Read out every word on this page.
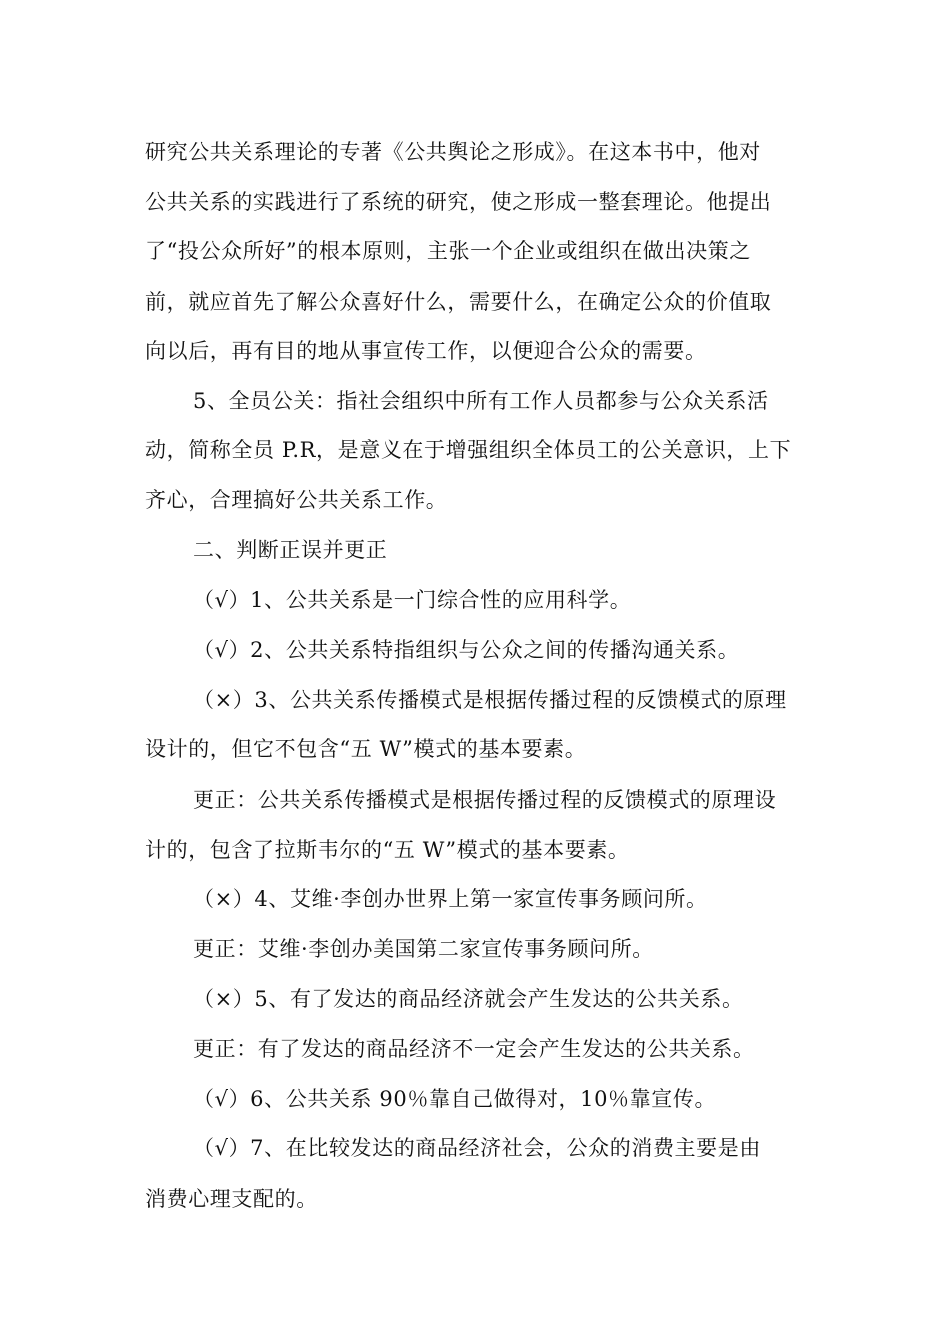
研究公共关系理论的专著《公共舆论之形成》。在这本书中，他对
公共关系的实践进行了系统的研究，使之形成一整套理论。他提出
了“投公众所好”的根本原则，主张一个企业或组织在做出决策之
前，就应首先了解公众喜好什么，需要什么，在确定公众的价值取
向以后，再有目的地从事宣传工作，以便迎合公众的需要。
5、全员公关：指社会组织中所有工作人员都参与公众关系活
动，简称全员 P.R，是意义在于增强组织全体员工的公关意识，上下
齐心，合理搞好公共关系工作。
二、判断正误并更正
（√）1、公共关系是一门综合性的应用科学。
（√）2、公共关系特指组织与公众之间的传播沟通关系。
（×）3、公共关系传播模式是根据传播过程的反馈模式的原理
设计的，但它不包含“五 W”模式的基本要素。
更正：公共关系传播模式是根据传播过程的反馈模式的原理设
计的，包含了拉斯韦尔的“五 W”模式的基本要素。
（×）4、艾维·李创办世界上第一家宣传事务顾问所。
更正：艾维·李创办美国第二家宣传事务顾问所。
（×）5、有了发达的商品经济就会产生发达的公共关系。
更正：有了发达的商品经济不一定会产生发达的公共关系。
（√）6、公共关系 90％靠自己做得对，10％靠宣传。
（√）7、在比较发达的商品经济社会，公众的消费主要是由
消费心理支配的。
